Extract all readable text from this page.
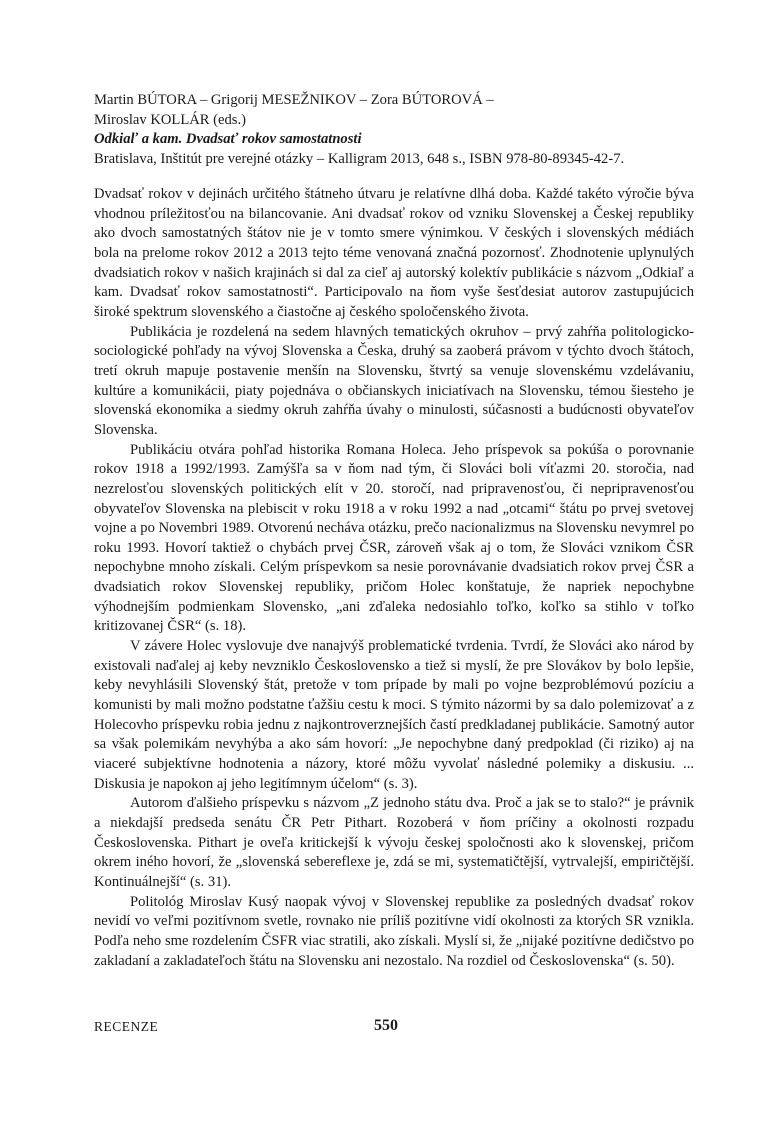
Martin BÚTORA – Grigorij MESEŽNIKOV – Zora BÚTOROVÁ –
Miroslav KOLLÁR (eds.)
Odkiaľ a kam. Dvadsať rokov samostatnosti
Bratislava, Inštitút pre verejné otázky – Kalligram 2013, 648 s., ISBN 978-80-89345-42-7.

Dvadsať rokov v dejinách určitého štátneho útvaru je relatívne dlhá doba. Každé takéto výročie býva vhodnou príležitosťou na bilancovanie. Ani dvadsať rokov od vzniku Slovenskej a Českej republiky ako dvoch samostatných štátov nie je v tomto smere výnimkou. V českých i slovenských médiách bola na prelome rokov 2012 a 2013 tejto téme venovaná značná pozornosť. Zhodnotenie uplynulých dvadsiatich rokov v našich krajinách si dal za cieľ aj autorský kolektív publikácie s názvom „Odkiaľ a kam. Dvadsať rokov samostatnosti“. Participovalo na ňom vyše šesťdesiat autorov zastupujúcich široké spektrum slovenského a čiastočne aj českého spoločenského života.

Publikácia je rozdelená na sedem hlavných tematických okruhov – prvý zahŕňa politologicko-sociologické pohľady na vývoj Slovenska a Česka, druhý sa zaoberá právom v týchto dvoch štátoch, tretí okruh mapuje postavenie menšín na Slovensku, štvrtý sa venuje slovenskému vzdelávaniu, kultúre a komunikácii, piaty pojednáva o občianskych iniciatívach na Slovensku, témou šiesteho je slovenská ekonomika a siedmy okruh zahŕňa úvahy o minulosti, súčasnosti a budúcnosti obyvateľov Slovenska.

Publikáciu otvára pohľad historika Romana Holeca. Jeho príspevok sa pokúša o porovnanie rokov 1918 a 1992/1993. Zamýšľa sa v ňom nad tým, či Slováci boli víťazmi 20. storočia, nad nezrelosťou slovenských politických elít v 20. storočí, nad pripravenosťou, či nepripravenosťou obyvateľov Slovenska na plebiscit v roku 1918 a v roku 1992 a nad „otcami“ štátu po prvej svetovej vojne a po Novembri 1989. Otvorenú necháva otázku, prečo nacionalizmus na Slovensku nevymrel po roku 1993. Hovorí taktiež o chybách prvej ČSR, zároveň však aj o tom, že Slováci vznikom ČSR nepochybne mnoho získali. Celým príspevkom sa nesie porovnávanie dvadsiatich rokov prvej ČSR a dvadsiatich rokov Slovenskej republiky, pričom Holec konštatuje, že napriek nepochybne výhodnejším podmienkam Slovensko, „ani zďaleka nedosiahlo toľko, koľko sa stihlo v toľko kritizovanej ČSR“ (s. 18).

V závere Holec vyslovuje dve nanajvýš problematické tvrdenia. Tvrdí, že Slováci ako národ by existovali naďalej aj keby nevzniklo Československo a tiež si myslí, že pre Slovákov by bolo lepšie, keby nevyhlásili Slovenský štát, pretože v tom prípade by mali po vojne bezproblémovú pozíciu a komunisti by mali možno podstatne ťažšiu cestu k moci. S týmito názormi by sa dalo polemizovať a z Holecovho príspevku robia jednu z najkontroverznejších častí predkladanej publikácie. Samotný autor sa však polemikám nevyhýba a ako sám hovorí: „Je nepochybne daný predpoklad (či riziko) aj na viaceré subjektívne hodnotenia a názory, ktoré môžu vyvolať následné polemiky a diskusiu. ... Diskusia je napokon aj jeho legitímnym účelom“ (s. 3).

Autorom ďalšieho príspevku s názvom „Z jednoho státu dva. Proč a jak se to stalo?“ je právnik a niekdajší predseda senátu ČR Petr Pithart. Rozoberá v ňom príčiny a okolnosti rozpadu Československa. Pithart je oveľa kritickejší k vývoju českej spoločnosti ako k slovenskej, pričom okrem iného hovorí, že „slovenská sebereflexe je, zdá se mi, systematičtější, vytrvalejší, empiričtější. Kontinuálnejší“ (s. 31).

Politológ Miroslav Kusý naopak vývoj v Slovenskej republike za posledných dvadsať rokov nevidí vo veľmi pozitívnom svetle, rovnako nie príliš pozitívne vidí okolnosti za ktorých SR vznikla. Podľa neho sme rozdelením ČSFR viac stratili, ako získali. Myslí si, že „nijaké pozitívne dedičstvo po zakladaní a zakladateľoch štátu na Slovensku ani nezostalo. Na rozdiel od Československa“ (s. 50).

RECENZE	550
